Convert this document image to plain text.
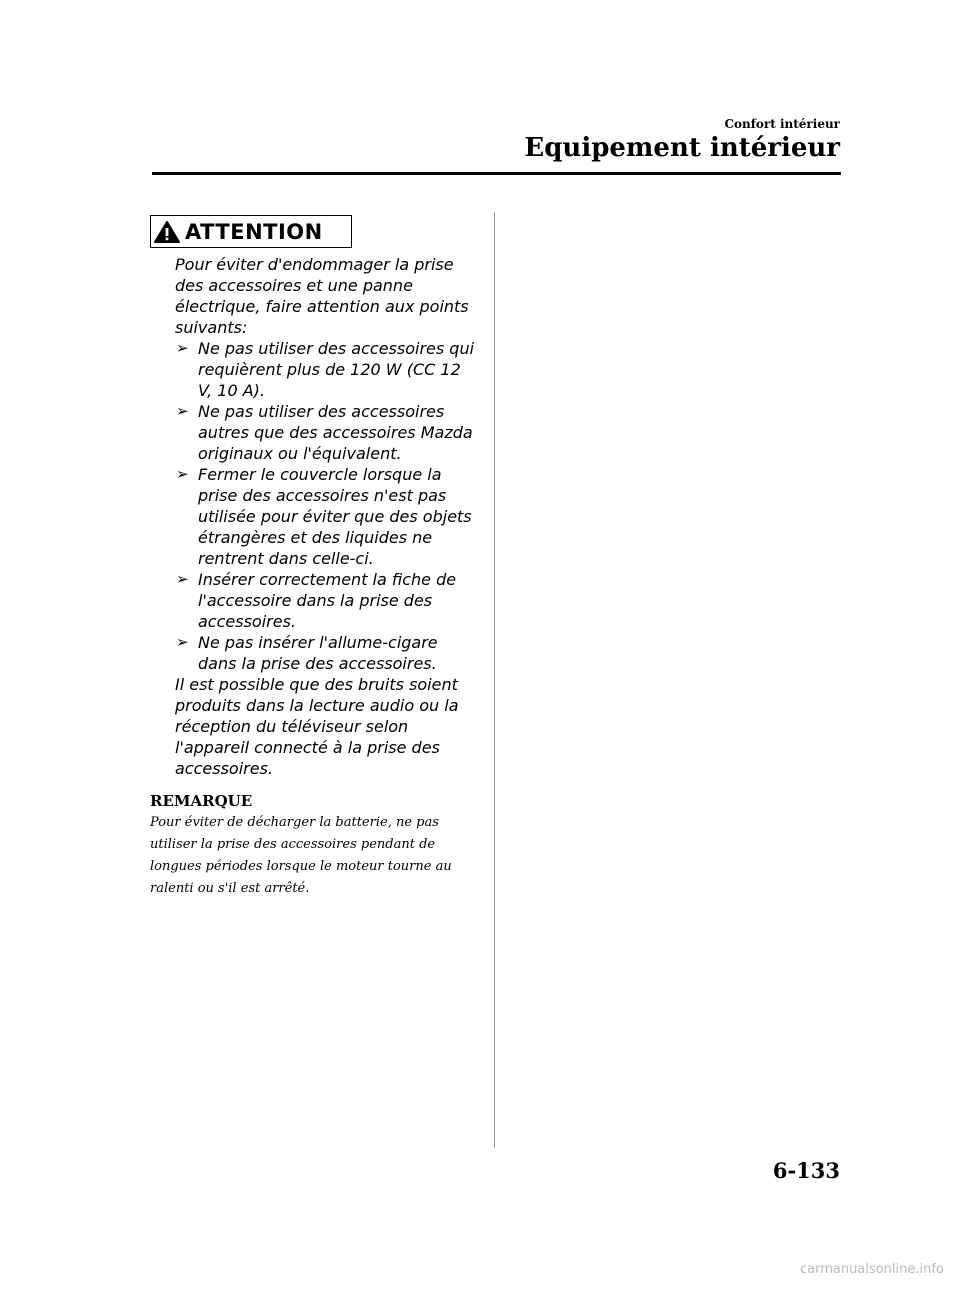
Confort intérieur
Equipement intérieur
ATTENTION

Pour éviter d'endommager la prise des accessoires et une panne électrique, faire attention aux points suivants:

➢ Ne pas utiliser des accessoires qui requièrent plus de 120 W (CC 12 V, 10 A).
➢ Ne pas utiliser des accessoires autres que des accessoires Mazda originaux ou l'équivalent.
➢ Fermer le couvercle lorsque la prise des accessoires n'est pas utilisée pour éviter que des objets étrangères et des liquides ne rentrent dans celle-ci.
➢ Insérer correctement la fiche de l'accessoire dans la prise des accessoires.
➢ Ne pas insérer l'allume-cigare dans la prise des accessoires.

Il est possible que des bruits soient produits dans la lecture audio ou la réception du téléviseur selon l'appareil connecté à la prise des accessoires.

REMARQUE

Pour éviter de décharger la batterie, ne pas utiliser la prise des accessoires pendant de longues périodes lorsque le moteur tourne au ralenti ou s'il est arrêté.

6-133
carmanualsonline.info
